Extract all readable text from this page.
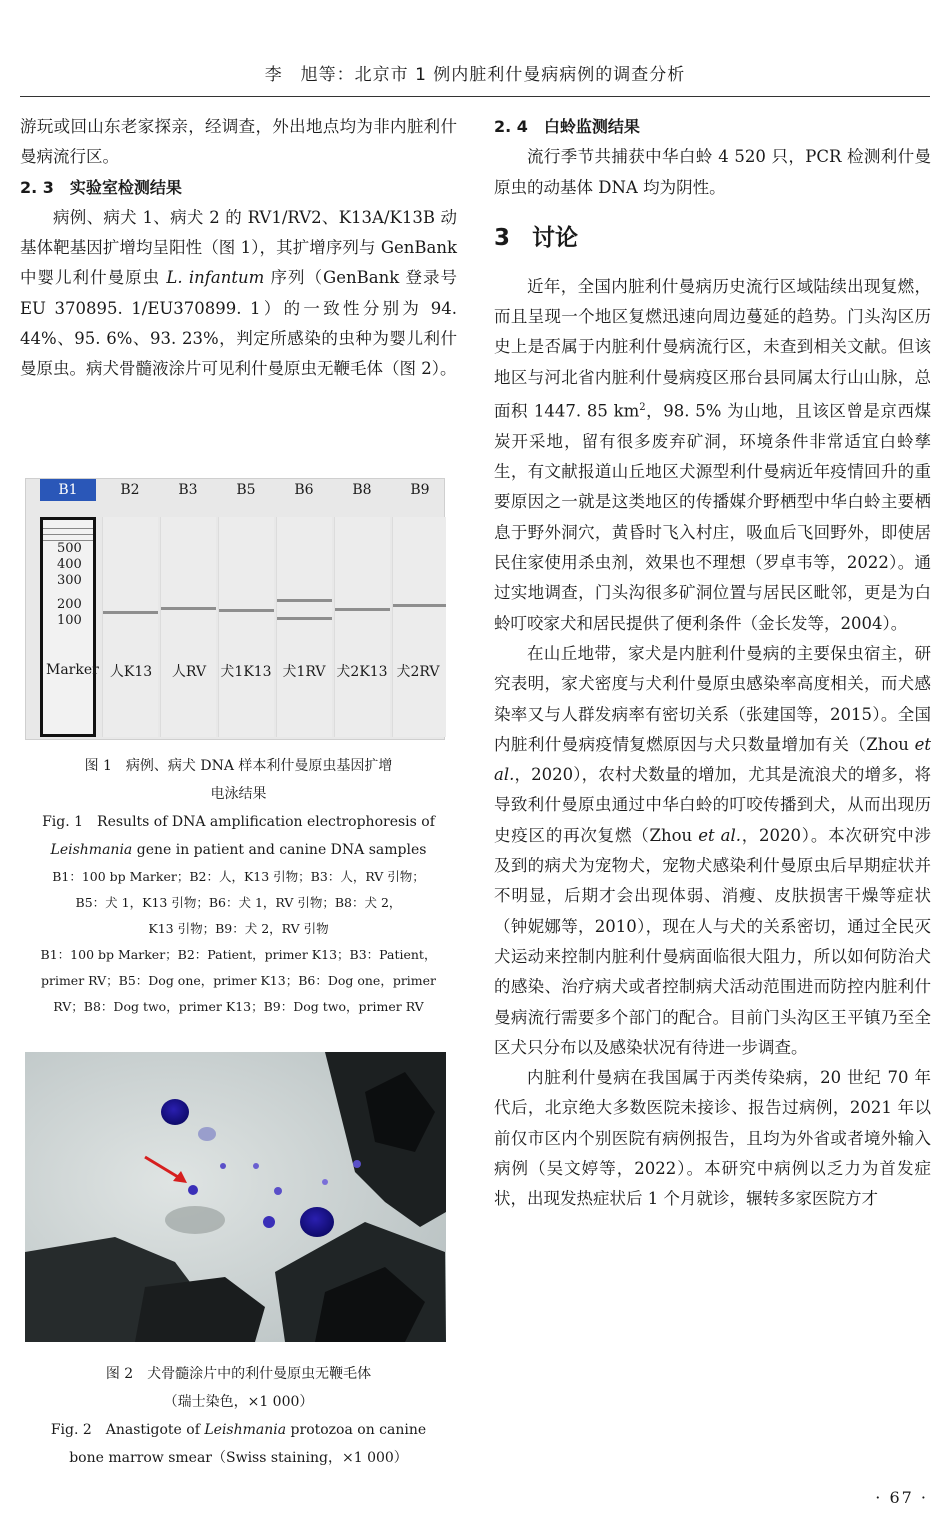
李　旭等：北京市 1 例内脏利什曼病病例的调查分析

游玩或回山东老家探亲，经调查，外出地点均为非内脏利什曼病流行区。

2. 3 实验室检测结果

病例、病犬 1、病犬 2 的 RV1/RV2、K13A/K13B 动基体靶基因扩增均呈阳性（图 1），其扩增序列与 GenBank 中婴儿利什曼原虫 L. infantum 序列（GenBank 登录号 EU 370895. 1/EU370899. 1）的一致性分别为 94. 44%、95. 6%、93. 23%，判定所感染的虫种为婴儿利什曼原虫。病犬骨髓液涂片可见利什曼原虫无鞭毛体（图 2）。

B1	B2	B3	B5	B6	B8	B9
500
400
300
200
100
Marker 人K13	人RV	犬1K13 犬1RV 犬2K13 犬2RV
图 1　病例、病犬 DNA 样本利什曼原虫基因扩增
电泳结果
Fig. 1　Results of DNA amplification electrophoresis of
Leishmania gene in patient and canine DNA samples
B1：100 bp Marker；B2：人，K13 引物；B3：人，RV 引物；
B5：犬 1，K13 引物；B6：犬 1，RV 引物；B8：犬 2，
K13 引物；B9：犬 2，RV 引物
B1：100 bp Marker；B2：Patient，primer K13；B3：Patient，
primer RV；B5：Dog one，primer K13；B6：Dog one，primer
RV；B8：Dog two，primer K13；B9：Dog two，primer RV
图 2　犬骨髓涂片中的利什曼原虫无鞭毛体
（瑞士染色，×1 000）
Fig. 2　Anastigote of Leishmania protozoa on canine
bone marrow smear（Swiss staining，×1 000）
2. 4 白蛉监测结果

流行季节共捕获中华白蛉 4 520 只，PCR 检测利什曼原虫的动基体 DNA 均为阴性。

3 讨论

近年，全国内脏利什曼病历史流行区域陆续出现复燃，而且呈现一个地区复燃迅速向周边蔓延的趋势。门头沟区历史上是否属于内脏利什曼病流行区，未查到相关文献。但该地区与河北省内脏利什曼病疫区邢台县同属太行山山脉，总面积 1447. 85 $km^2$，98. 5% 为山地，且该区曾是京西煤炭开采地，留有很多废弃矿洞，环境条件非常适宜白蛉孳生，有文献报道山丘地区犬源型利什曼病近年疫情回升的重要原因之一就是这类地区的传播媒介野栖型中华白蛉主要栖息于野外洞穴，黄昏时飞入村庄，吸血后飞回野外，即使居民住家使用杀虫剂，效果也不理想（罗卓韦等，2022）。通过实地调查，门头沟很多矿洞位置与居民区毗邻，更是为白蛉叮咬家犬和居民提供了便利条件（金长发等，2004）。

在山丘地带，家犬是内脏利什曼病的主要保虫宿主，研究表明，家犬密度与犬利什曼原虫感染率高度相关，而犬感染率又与人群发病率有密切关系（张建国等，2015）。全国内脏利什曼病疫情复燃原因与犬只数量增加有关（Zhou et al.，2020），农村犬数量的增加，尤其是流浪犬的增多，将导致利什曼原虫通过中华白蛉的叮咬传播到犬，从而出现历史疫区的再次复燃（Zhou et al.，2020）。本次研究中涉及到的病犬为宠物犬，宠物犬感染利什曼原虫后早期症状并不明显，后期才会出现体弱、消瘦、皮肤损害干燥等症状（钟妮娜等，2010），现在人与犬的关系密切，通过全民灭犬运动来控制内脏利什曼病面临很大阻力，所以如何防治犬的感染、治疗病犬或者控制病犬活动范围进而防控内脏利什曼病流行需要多个部门的配合。目前门头沟区王平镇乃至全区犬只分布以及感染状况有待进一步调查。

内脏利什曼病在我国属于丙类传染病，20 世纪 70 年代后，北京绝大多数医院未接诊、报告过病例，2021 年以前仅市区内个别医院有病例报告，且均为外省或者境外输入病例（吴文婷等，2022）。本研究中病例以乏力为首发症状，出现发热症状后 1 个月就诊，辗转多家医院方才

· 67 ·
